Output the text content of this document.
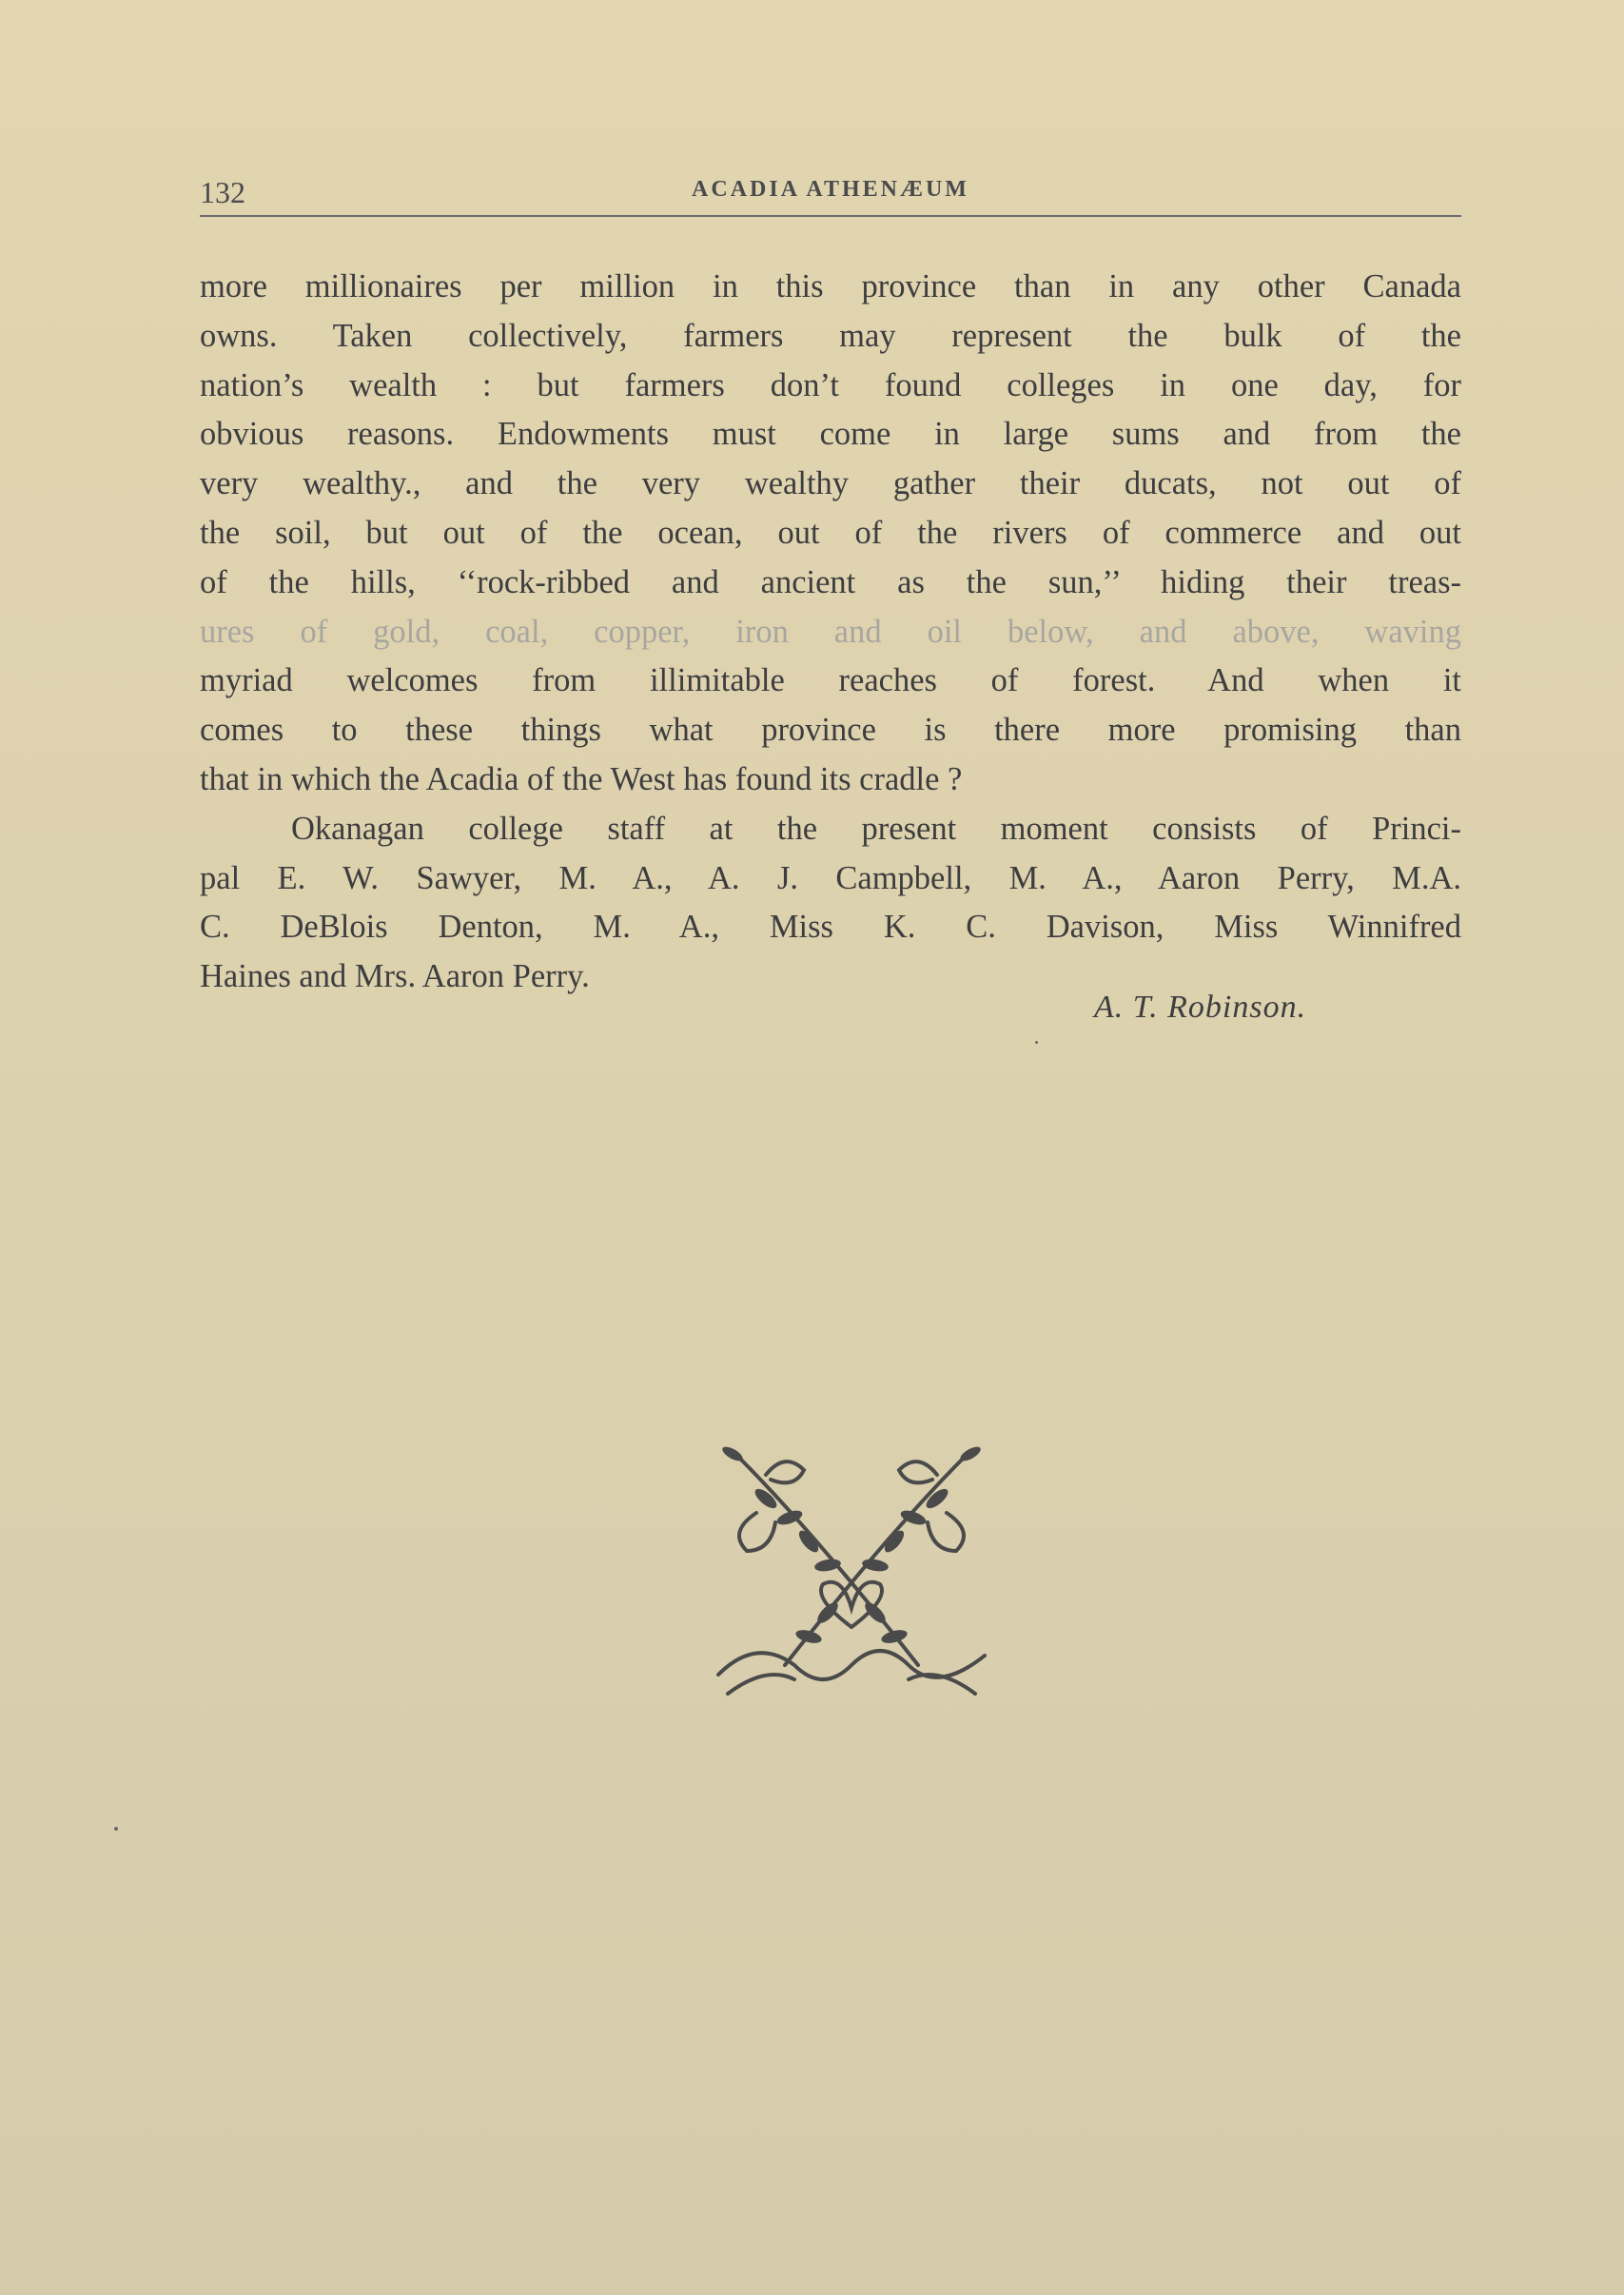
132	ACADIA ATHENÆUM

more millionaires per million in this province than in any other Canada
owns. Taken collectively, farmers may represent the bulk of the
nation’s wealth : but farmers don’t found colleges in one day, for
obvious reasons. Endowments must come in large sums and from the
very wealthy., and the very wealthy gather their ducats, not out of
the soil, but out of the ocean, out of the rivers of commerce and out
of the hills, ‘‘rock-ribbed and ancient as the sun,’’ hiding their treas-
ures of gold, coal, copper, iron and oil below, and above, waving
myriad welcomes from illimitable reaches of forest. And when it
comes to these things what province is there more promising than
that in which the Acadia of the West has found its cradle ?

Okanagan college staff at the present moment consists of Princi-
pal E. W. Sawyer, M. A., A. J. Campbell, M. A., Aaron Perry, M.A.
C. DeBlois Denton, M. A., Miss K. C. Davison, Miss Winnifred
Haines and Mrs. Aaron Perry.

A. T. Robinson.
